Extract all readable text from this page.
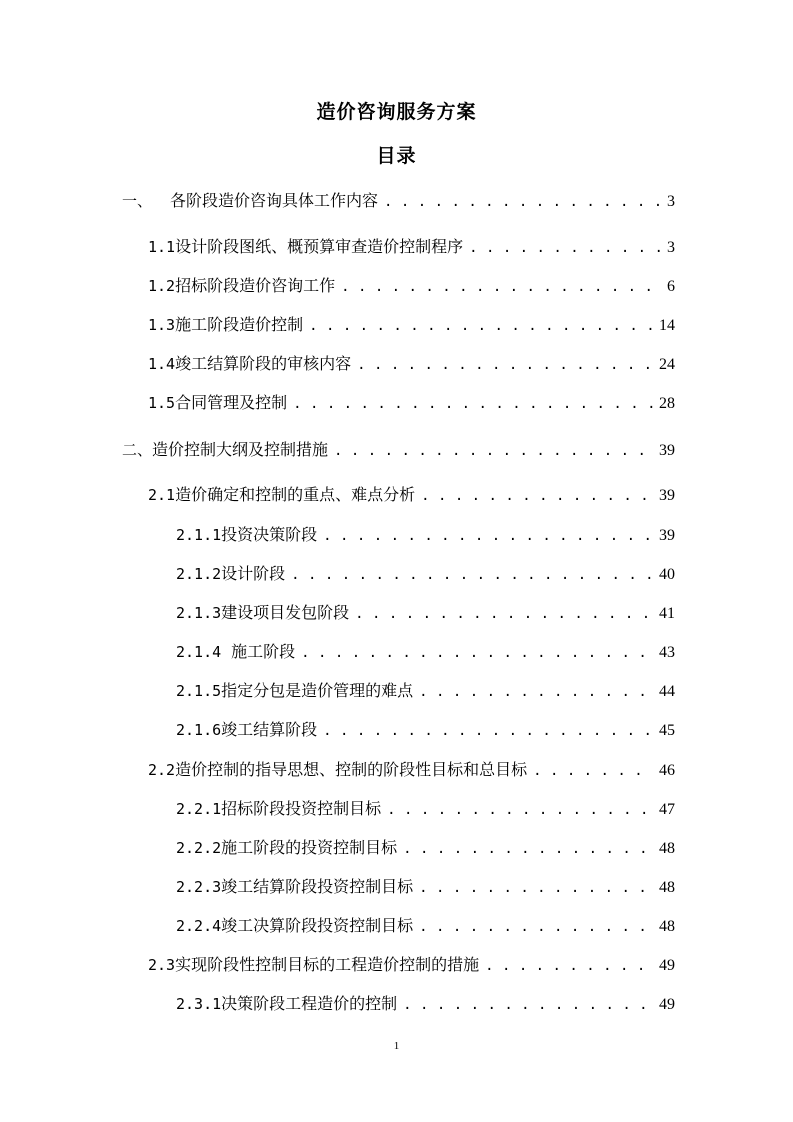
造价咨询服务方案
目录
一、 各阶段造价咨询具体工作内容 . . .	3
1.1 设计阶段图纸、概预算审查造价控制程序 . . .	3
1.2 招标阶段造价咨询工作 . . .	6
1.3 施工阶段造价控制 . . .	14
1.4 竣工结算阶段的审核内容 . . .	24
1.5 合同管理及控制 . . .	28
二、 造价控制大纲及控制措施 . . .	39
2.1 造价确定和控制的重点、难点分析 . . .	39
2.1.1 投资决策阶段 . . .	39
2.1.2 设计阶段 . . .	40
2.1.3 建设项目发包阶段 . . .	41
2.1.4 施工阶段 . . .	43
2.1.5 指定分包是造价管理的难点 . . .	44
2.1.6 竣工结算阶段 . . .	45
2.2 造价控制的指导思想、控制的阶段性目标和总目标 . . .	46
2.2.1 招标阶段投资控制目标 . . .	47
2.2.2 施工阶段的投资控制目标 . . .	48
2.2.3 竣工结算阶段投资控制目标 . . .	48
2.2.4 竣工决算阶段投资控制目标 . . .	48
2.3 实现阶段性控制目标的工程造价控制的措施 . . .	49
2.3.1 决策阶段工程造价的控制 . . .	49
1
